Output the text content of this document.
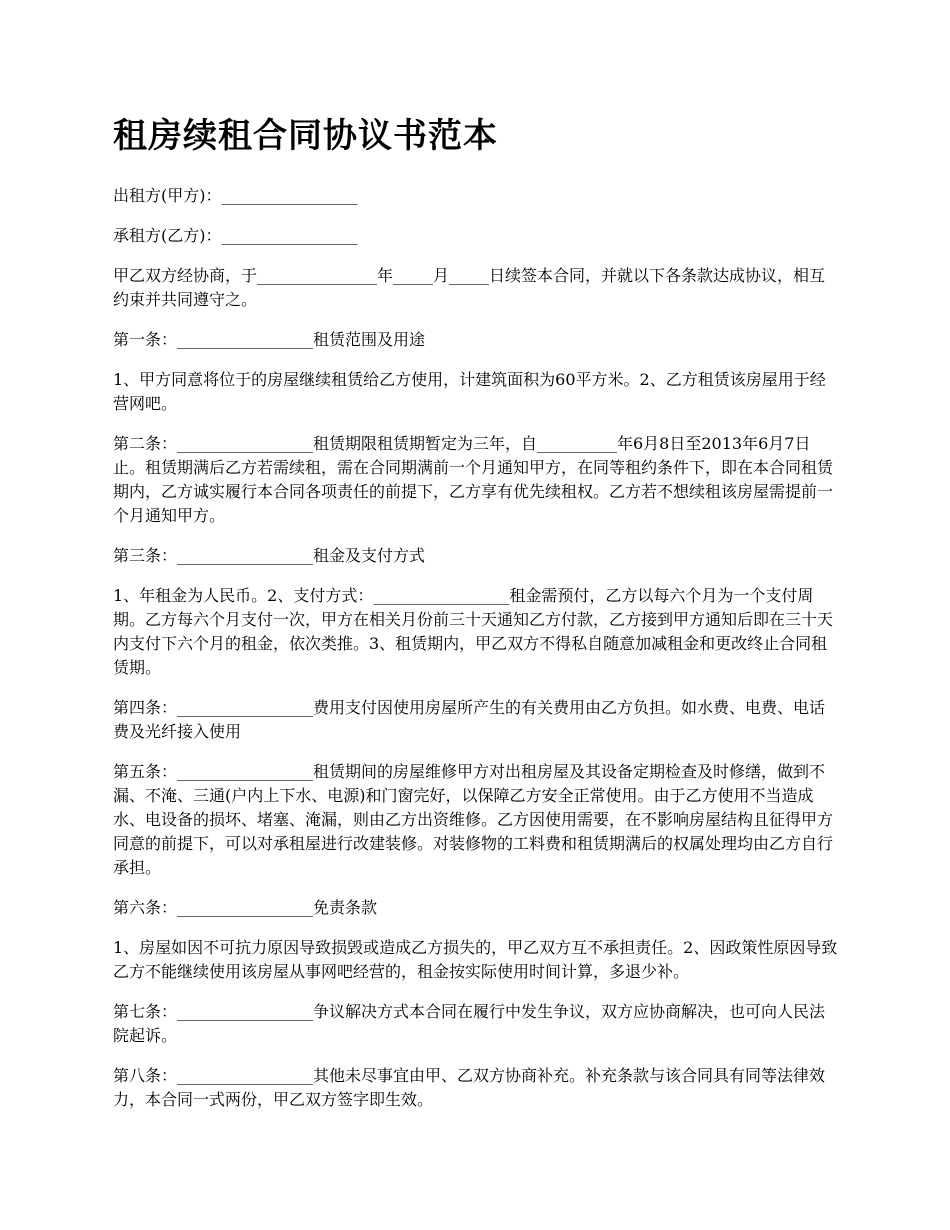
租房续租合同协议书范本

出租方(甲方)：_________________

承租方(乙方)：_________________

甲乙双方经协商，于_______________年_____月_____日续签本合同，并就以下各条款达成协议，相互约束并共同遵守之。

第一条：_________________租赁范围及用途

1、甲方同意将位于的房屋继续租赁给乙方使用，计建筑面积为60平方米。2、乙方租赁该房屋用于经营网吧。

第二条：_________________租赁期限租赁期暂定为三年，自__________年6月8日至2013年6月7日止。租赁期满后乙方若需续租，需在合同期满前一个月通知甲方，在同等租约条件下，即在本合同租赁期内，乙方诚实履行本合同各项责任的前提下，乙方享有优先续租权。乙方若不想续租该房屋需提前一个月通知甲方。

第三条：_________________租金及支付方式

1、年租金为人民币。2、支付方式：_________________租金需预付，乙方以每六个月为一个支付周期。乙方每六个月支付一次，甲方在相关月份前三十天通知乙方付款，乙方接到甲方通知后即在三十天内支付下六个月的租金，依次类推。3、租赁期内，甲乙双方不得私自随意加减租金和更改终止合同租赁期。

第四条：_________________费用支付因使用房屋所产生的有关费用由乙方负担。如水费、电费、电话费及光纤接入使用

第五条：_________________租赁期间的房屋维修甲方对出租房屋及其设备定期检查及时修缮，做到不漏、不淹、三通(户内上下水、电源)和门窗完好，以保障乙方安全正常使用。由于乙方使用不当造成水、电设备的损坏、堵塞、淹漏，则由乙方出资维修。乙方因使用需要，在不影响房屋结构且征得甲方同意的前提下，可以对承租屋进行改建装修。对装修物的工料费和租赁期满后的权属处理均由乙方自行承担。

第六条：_________________免责条款

1、房屋如因不可抗力原因导致损毁或造成乙方损失的，甲乙双方互不承担责任。2、因政策性原因导致乙方不能继续使用该房屋从事网吧经营的，租金按实际使用时间计算，多退少补。

第七条：_________________争议解决方式本合同在履行中发生争议，双方应协商解决，也可向人民法院起诉。

第八条：_________________其他未尽事宜由甲、乙双方协商补充。补充条款与该合同具有同等法律效力，本合同一式两份，甲乙双方签字即生效。
